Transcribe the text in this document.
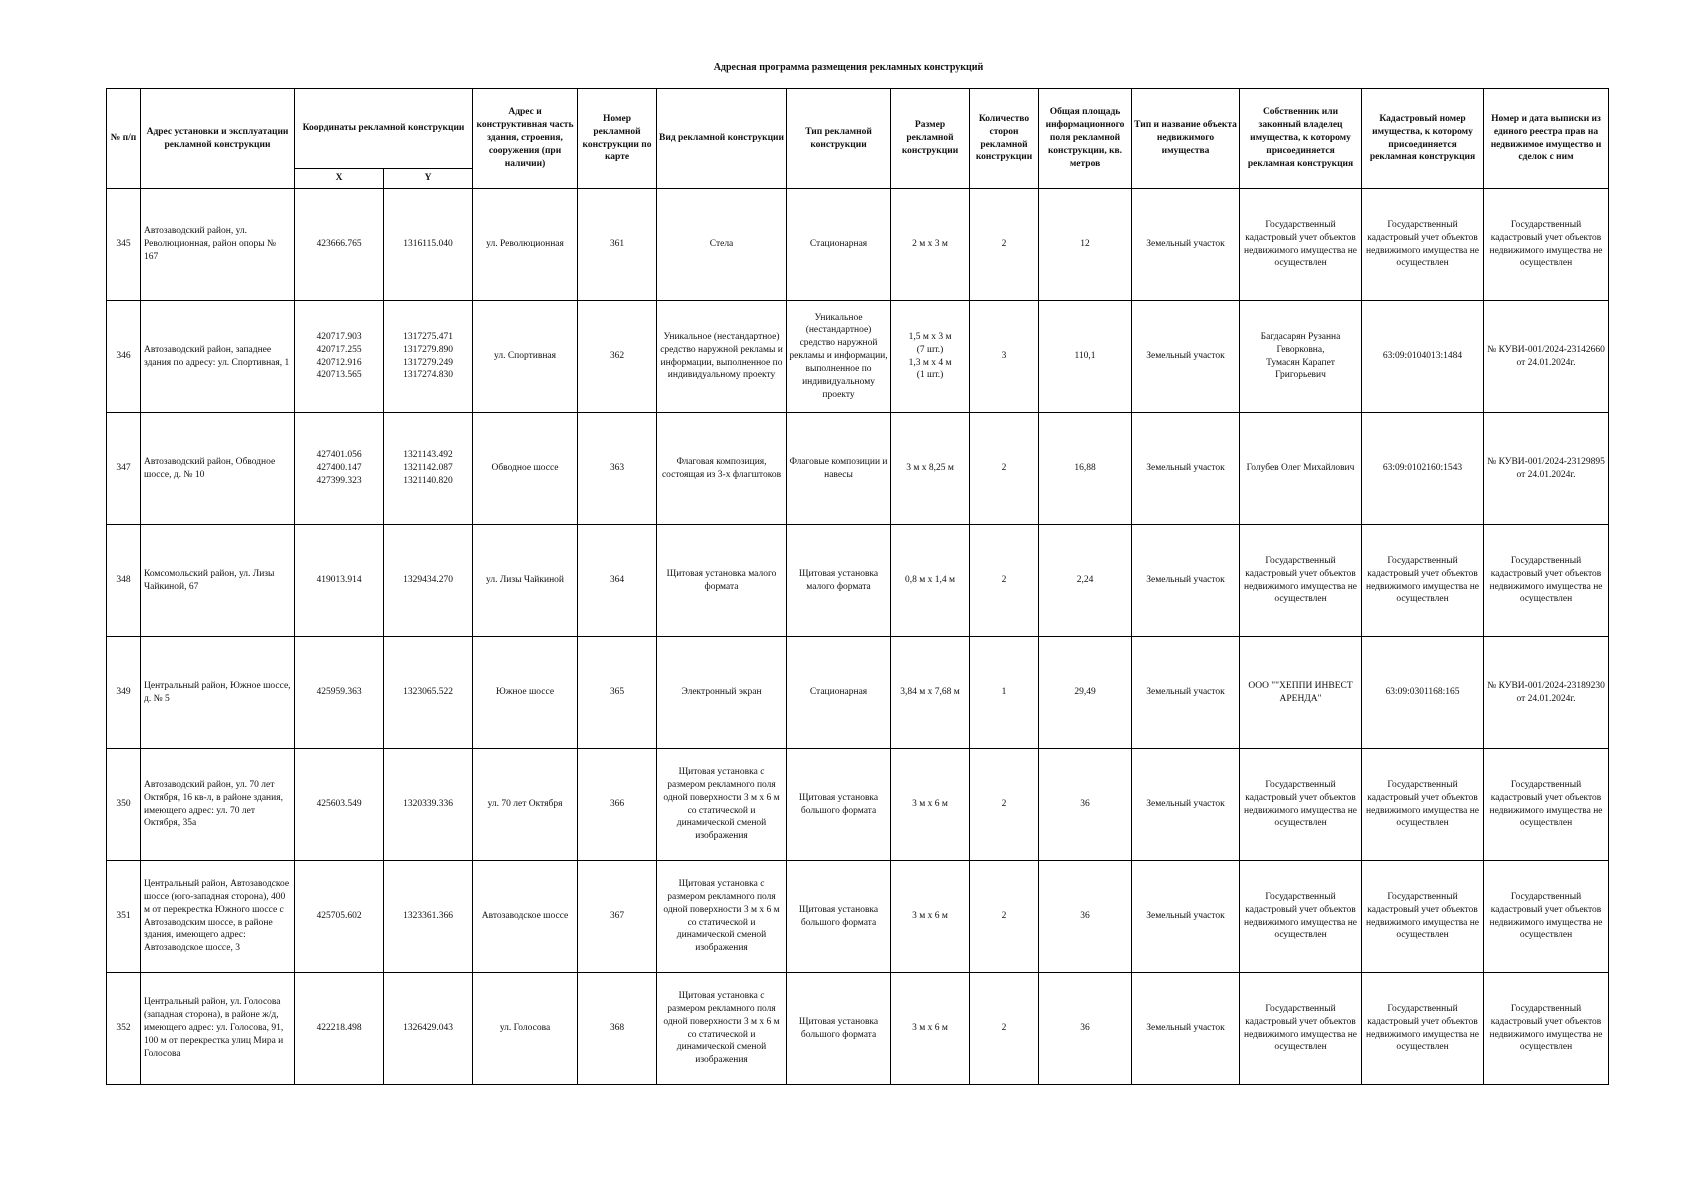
Адресная программа размещения рекламных конструкций
№ п/п	Адрес установки и эксплуатации рекламной конструкции	Координаты рекламной конструкции		Адрес и конструктивная часть здания, строения, сооружения (при наличии)	Номер рекламной конструкции по карте	Вид рекламной конструкции	Тип рекламной конструкции	Размер рекламной конструкции	Количество сторон рекламной конструкции	Общая площадь информационного поля рекламной конструкции, кв. метров	Тип и название объекта недвижимого имущества	Собственник или законный владелец имущества, к которому присоединяется рекламная конструкция	Кадастровый номер имущества, к которому присоединяется рекламная конструкция	Номер и дата выписки из единого реестра прав на недвижимое имущество и сделок с ним
		X	Y											
345	Автозаводский район, ул. Революционная, район опоры № 167	423666.765	1316115.040	ул. Революционная	361	Стела	Стационарная	2 м х 3 м	2	12	Земельный участок	Государственный кадастровый учет объектов недвижимого имущества не осуществлен	Государственный кадастровый учет объектов недвижимого имущества не осуществлен	Государственный кадастровый учет объектов недвижимого имущества не осуществлен
346	Автозаводский район, западнее здания по адресу: ул. Спортивная, 1	420717.903
420717.255
420712.916
420713.565	1317275.471
1317279.890
1317279.249
1317274.830	ул. Спортивная	362	Уникальное (нестандартное) средство наружной рекламы и информации, выполненное по индивидуальному проекту	Уникальное (нестандартное) средство наружной рекламы и информации, выполненное по индивидуальному проекту	1,5 м х 3 м
(7 шт.)
1,3 м х 4 м
(1 шт.)	3	110,1	Земельный участок	Багдасарян Рузанна Геворковна,
Тумасян Карапет Григорьевич	63:09:0104013:1484	№ КУВИ-001/2024-23142660 от 24.01.2024г.
347	Автозаводский район, Обводное шоссе, д. № 10	427401.056
427400.147
427399.323	1321143.492
1321142.087
1321140.820	Обводное шоссе	363	Флаговая композиция, состоящая из 3-х флагштоков	Флаговые композиции и навесы	3 м х 8,25 м	2	16,88	Земельный участок	Голубев Олег Михайлович	63:09:0102160:1543	№ КУВИ-001/2024-23129895 от 24.01.2024г.
348	Комсомольский район, ул. Лизы Чайкиной, 67	419013.914	1329434.270	ул. Лизы Чайкиной	364	Щитовая установка малого формата	Щитовая установка малого формата	0,8 м х 1,4 м	2	2,24	Земельный участок	Государственный кадастровый учет объектов недвижимого имущества не осуществлен	Государственный кадастровый учет объектов недвижимого имущества не осуществлен	Государственный кадастровый учет объектов недвижимого имущества не осуществлен
349	Центральный район, Южное шоссе, д. № 5	425959.363	1323065.522	Южное шоссе	365	Электронный экран	Стационарная	3,84 м х 7,68 м	1	29,49	Земельный участок	ООО ""ХЕППИ ИНВЕСТ АРЕНДА"	63:09:0301168:165	№ КУВИ-001/2024-23189230 от 24.01.2024г.
350	Автозаводский район, ул. 70 лет Октября, 16 кв-л, в районе здания, имеющего адрес: ул. 70 лет Октября, 35а	425603.549	1320339.336	ул. 70 лет Октября	366	Щитовая установка с размером рекламного поля одной поверхности 3 м х 6 м со статической и динамической сменой изображения	Щитовая установка большого формата	3 м х 6 м	2	36	Земельный участок	Государственный кадастровый учет объектов недвижимого имущества не осуществлен	Государственный кадастровый учет объектов недвижимого имущества не осуществлен	Государственный кадастровый учет объектов недвижимого имущества не осуществлен
351	Центральный район, Автозаводское шоссе (юго-западная сторона), 400 м от перекрестка Южного шоссе с Автозаводским шоссе, в районе здания, имеющего адрес: Автозаводское шоссе, 3	425705.602	1323361.366	Автозаводское шоссе	367	Щитовая установка с размером рекламного поля одной поверхности 3 м х 6 м со статической и динамической сменой изображения	Щитовая установка большого формата	3 м х 6 м	2	36	Земельный участок	Государственный кадастровый учет объектов недвижимого имущества не осуществлен	Государственный кадастровый учет объектов недвижимого имущества не осуществлен	Государственный кадастровый учет объектов недвижимого имущества не осуществлен
352	Центральный район, ул. Голосова (западная сторона), в районе ж/д, имеющего адрес: ул. Голосова, 91, 100 м от перекрестка улиц Мира и Голосова	422218.498	1326429.043	ул. Голосова	368	Щитовая установка с размером рекламного поля одной поверхности 3 м х 6 м со статической и динамической сменой изображения	Щитовая установка большого формата	3 м х 6 м	2	36	Земельный участок	Государственный кадастровый учет объектов недвижимого имущества не осуществлен	Государственный кадастровый учет объектов недвижимого имущества не осуществлен	Государственный кадастровый учет объектов недвижимого имущества не осуществлен
